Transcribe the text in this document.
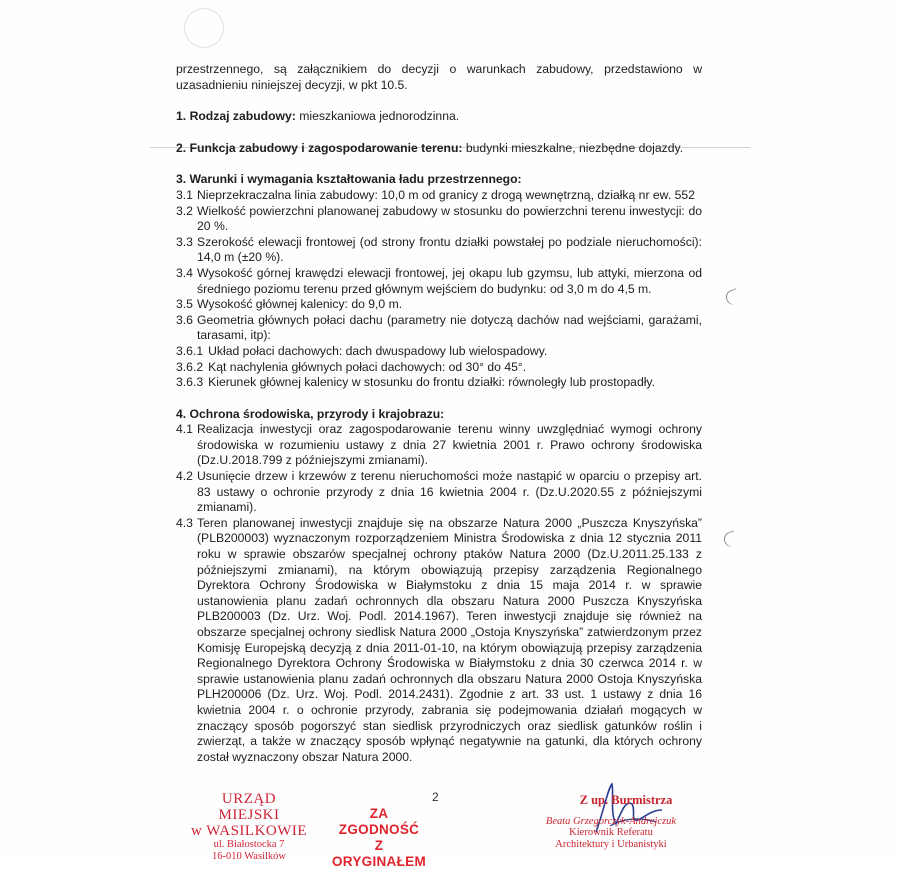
przestrzennego, są załącznikiem do decyzji o warunkach zabudowy, przedstawiono w uzasadnieniu niniejszej decyzji, w pkt 10.5.

1. Rodzaj zabudowy: mieszkaniowa jednorodzinna.

2. Funkcja zabudowy i zagospodarowanie terenu: budynki mieszkalne, niezbędne dojazdy.

3. Warunki i wymagania kształtowania ładu przestrzennego:

3.1 Nieprzekraczalna linia zabudowy: 10,0 m od granicy z drogą wewnętrzną, działką nr ew. 552
3.2 Wielkość powierzchni planowanej zabudowy w stosunku do powierzchni terenu inwestycji: do 20 %.
3.3 Szerokość elewacji frontowej (od strony frontu działki powstałej po podziale nieruchomości): 14,0 m (±20 %).
3.4 Wysokość górnej krawędzi elewacji frontowej, jej okapu lub gzymsu, lub attyki, mierzona od średniego poziomu terenu przed głównym wejściem do budynku: od 3,0 m do 4,5 m.
3.5 Wysokość głównej kalenicy: do 9,0 m.
3.6 Geometria głównych połaci dachu (parametry nie dotyczą dachów nad wejściami, garażami, tarasami, itp):
3.6.1 Układ połaci dachowych: dach dwuspadowy lub wielospadowy.
3.6.2 Kąt nachylenia głównych połaci dachowych: od 30° do 45°.
3.6.3 Kierunek głównej kalenicy w stosunku do frontu działki: równoległy lub prostopadły.

4. Ochrona środowiska, przyrody i krajobrazu:

4.1 Realizacja inwestycji oraz zagospodarowanie terenu winny uwzględniać wymogi ochrony środowiska w rozumieniu ustawy z dnia 27 kwietnia 2001 r. Prawo ochrony środowiska (Dz.U.2018.799 z późniejszymi zmianami).
4.2 Usunięcie drzew i krzewów z terenu nieruchomości może nastąpić w oparciu o przepisy art. 83 ustawy o ochronie przyrody z dnia 16 kwietnia 2004 r. (Dz.U.2020.55 z późniejszymi zmianami).
4.3 Teren planowanej inwestycji znajduje się na obszarze Natura 2000 „Puszcza Knyszyńska” (PLB200003) wyznaczonym rozporządzeniem Ministra Środowiska z dnia 12 stycznia 2011 roku w sprawie obszarów specjalnej ochrony ptaków Natura 2000 (Dz.U.2011.25.133 z późniejszymi zmianami), na którym obowiązują przepisy zarządzenia Regionalnego Dyrektora Ochrony Środowiska w Białymstoku z dnia 15 maja 2014 r. w sprawie ustanowienia planu zadań ochronnych dla obszaru Natura 2000 Puszcza Knyszyńska PLB200003 (Dz. Urz. Woj. Podl. 2014.1967). Teren inwestycji znajduje się również na obszarze specjalnej ochrony siedlisk Natura 2000 „Ostoja Knyszyńska” zatwierdzonym przez Komisję Europejską decyzją z dnia 2011-01-10, na którym obowiązują przepisy zarządzenia Regionalnego Dyrektora Ochrony Środowiska w Białymstoku z dnia 30 czerwca 2014 r. w sprawie ustanowienia planu zadań ochronnych dla obszaru Natura 2000 Ostoja Knyszyńska PLH200006 (Dz. Urz. Woj. Podl. 2014.2431). Zgodnie z art. 33 ust. 1 ustawy z dnia 16 kwietnia 2004 r. o ochronie przyrody, zabrania się podejmowania działań mogących w znaczący sposób pogorszyć stan siedlisk przyrodniczych oraz siedlisk gatunków roślin i zwierząt, a także w znaczący sposób wpłynąć negatywnie na gatunki, dla których ochrony został wyznaczony obszar Natura 2000.
URZĄD MIEJSKI
w WASILKOWIE
ul. Białostocka 7
16-010 Wasilków
2
ZA ZGODNOŚĆ
Z ORYGINAŁEM
Z up. Burmistrza
Beata Grzegorczyk-Andrejczuk
Kierownik Referatu
Architektury i Urbanistyki
